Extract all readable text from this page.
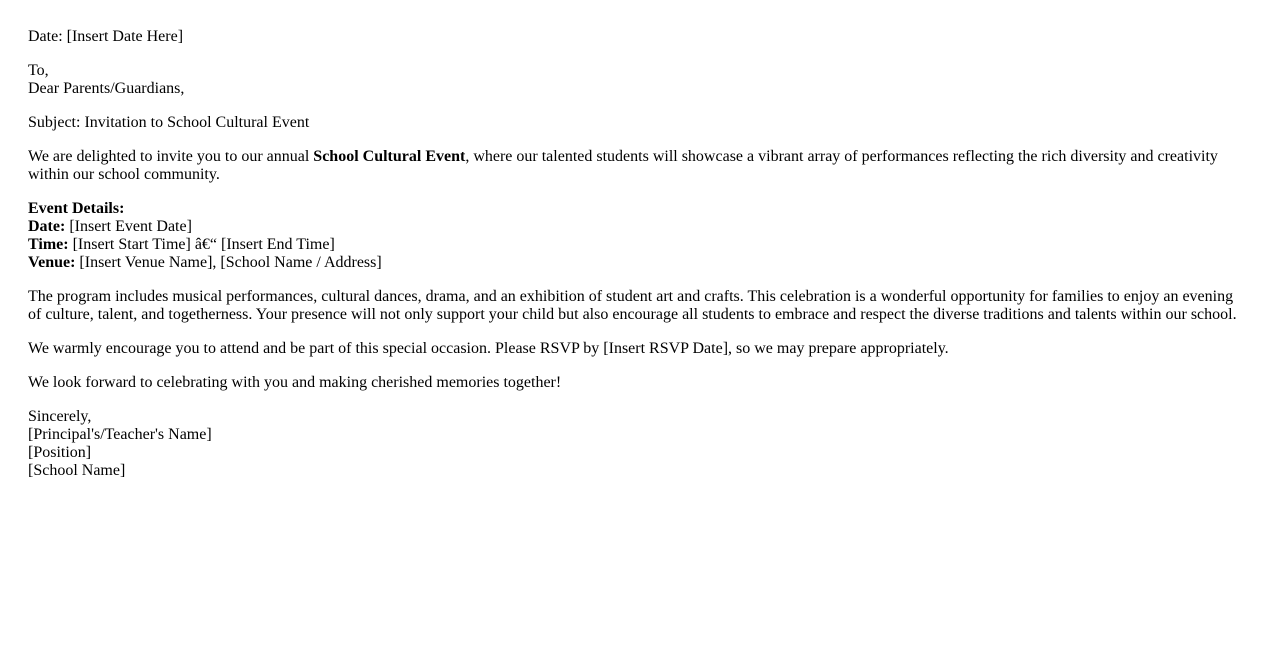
Date: [Insert Date Here]

To,
Dear Parents/Guardians,

Subject: Invitation to School Cultural Event

We are delighted to invite you to our annual School Cultural Event, where our talented students will showcase a vibrant array of performances reflecting the rich diversity and creativity within our school community.

Event Details:
Date: [Insert Event Date]
Time: [Insert Start Time] â€“ [Insert End Time]
Venue: [Insert Venue Name], [School Name / Address]

The program includes musical performances, cultural dances, drama, and an exhibition of student art and crafts. This celebration is a wonderful opportunity for families to enjoy an evening of culture, talent, and togetherness. Your presence will not only support your child but also encourage all students to embrace and respect the diverse traditions and talents within our school.

We warmly encourage you to attend and be part of this special occasion. Please RSVP by [Insert RSVP Date], so we may prepare appropriately.

We look forward to celebrating with you and making cherished memories together!

Sincerely,
[Principal's/Teacher's Name]
[Position]
[School Name]
